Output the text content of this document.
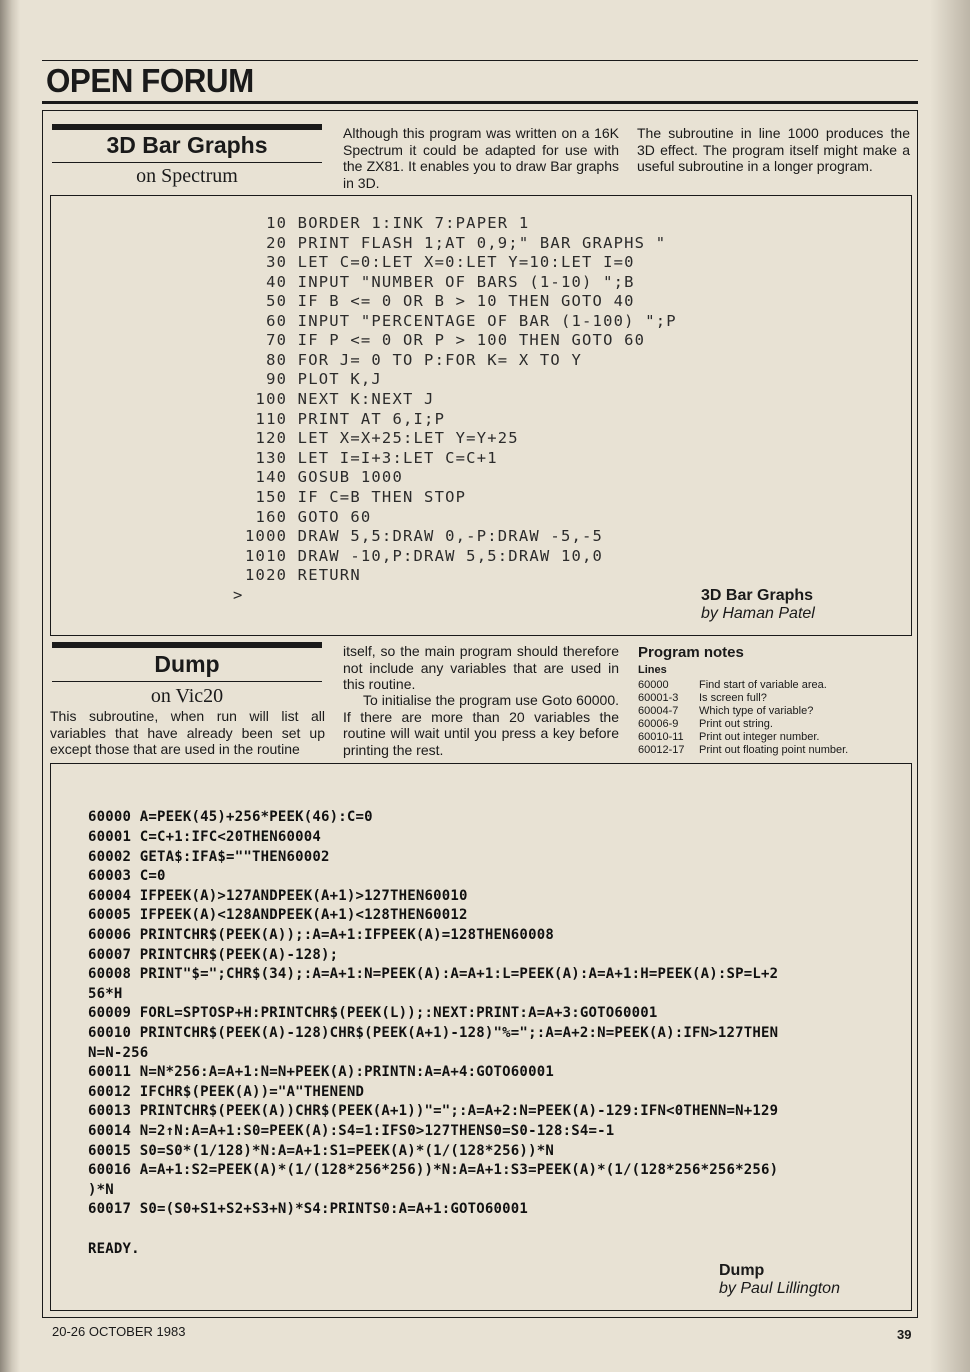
OPEN FORUM
3D Bar Graphs
on Spectrum

Although this program was written on a 16K Spectrum it could be adapted for use with the ZX81. It enables you to draw Bar graphs in 3D.

The subroutine in line 1000 produces the 3D effect. The program itself might make a useful subroutine in a longer program.

10 BORDER 1:INK 7:PAPER 1
20 PRINT FLASH 1;AT 0,9;" BAR GRAPHS "
30 LET C=0:LET X=0:LET Y=10:LET I=0
40 INPUT "NUMBER OF BARS (1-10) ";B
50 IF B <= 0 OR B > 10 THEN GOTO 40
60 INPUT "PERCENTAGE OF BAR (1-100) ";P
70 IF P <= 0 OR P > 100 THEN GOTO 60
80 FOR J= 0 TO P:FOR K= X TO Y
90 PLOT K,J
100 NEXT K:NEXT J
110 PRINT AT 6,I;P
120 LET X=X+25:LET Y=Y+25
130 LET I=I+3:LET C=C+1
140 GOSUB 1000
150 IF C=B THEN STOP
160 GOTO 60
1000 DRAW 5,5:DRAW 0,-P:DRAW -5,-5
1010 DRAW -10,P:DRAW 5,5:DRAW 10,0
1020 RETURN
>	3D Bar Graphs
by Haman Patel
Dump
on Vic20

This subroutine, when run will list all variables that have already been set up except those that are used in the routine

itself, so the main program should therefore not include any variables that are used in this routine.

To initialise the program use Goto 60000. If there are more than 20 variables the routine will wait until you press a key before printing the rest.

Program notes
Lines
60000	Find start of variable area.
60001-3 Is screen full?
60004-7 Which type of variable?
60006-9 Print out string.
60010-11 Print out integer number.
60012-17 Print out floating point number.
60000 A=PEEK(45)+256*PEEK(46):C=0
60001 C=C+1:IFC<20THEN60004
60002 GETA$:IFA$=""THEN60002
60003 C=0
60004 IFPEEK(A)>127ANDPEEK(A+1)>127THEN60010
60005 IFPEEK(A)<128ANDPEEK(A+1)<128THEN60012
60006 PRINTCHR$(PEEK(A));:A=A+1:IFPEEK(A)=128THEN60008
60007 PRINTCHR$(PEEK(A)-128);
60008 PRINT"$=";CHR$(34);:A=A+1:N=PEEK(A):A=A+1:L=PEEK(A):A=A+1:H=PEEK(A):SP=L+2
56*H
60009 FORL=SPTOSP+H:PRINTCHR$(PEEK(L));:NEXT:PRINT:A=A+3:GOTO60001
60010 PRINTCHR$(PEEK(A)-128)CHR$(PEEK(A+1)-128)"%=";:A=A+2:N=PEEK(A):IFN>127THEN
N=N-256
60011 N=N*256:A=A+1:N=N+PEEK(A):PRINTN:A=A+4:GOTO60001
60012 IFCHR$(PEEK(A))="A"THENEND
60013 PRINTCHR$(PEEK(A))CHR$(PEEK(A+1))"=";:A=A+2:N=PEEK(A)-129:IFN<0THENN=N+129
60014 N=2↑N:A=A+1:S0=PEEK(A):S4=1:IFS0>127THENS0=S0-128:S4=-1
60015 S0=S0*(1/128)*N:A=A+1:S1=PEEK(A)*(1/(128*256))*N
60016 A=A+1:S2=PEEK(A)*(1/(128*256*256))*N:A=A+1:S3=PEEK(A)*(1/(128*256*256*256)
)*N
60017 S0=(S0+S1+S2+S3+N)*S4:PRINTS0:A=A+1:GOTO60001
READY.
Dump
by Paul Lillington
20-26 OCTOBER 1983	39
